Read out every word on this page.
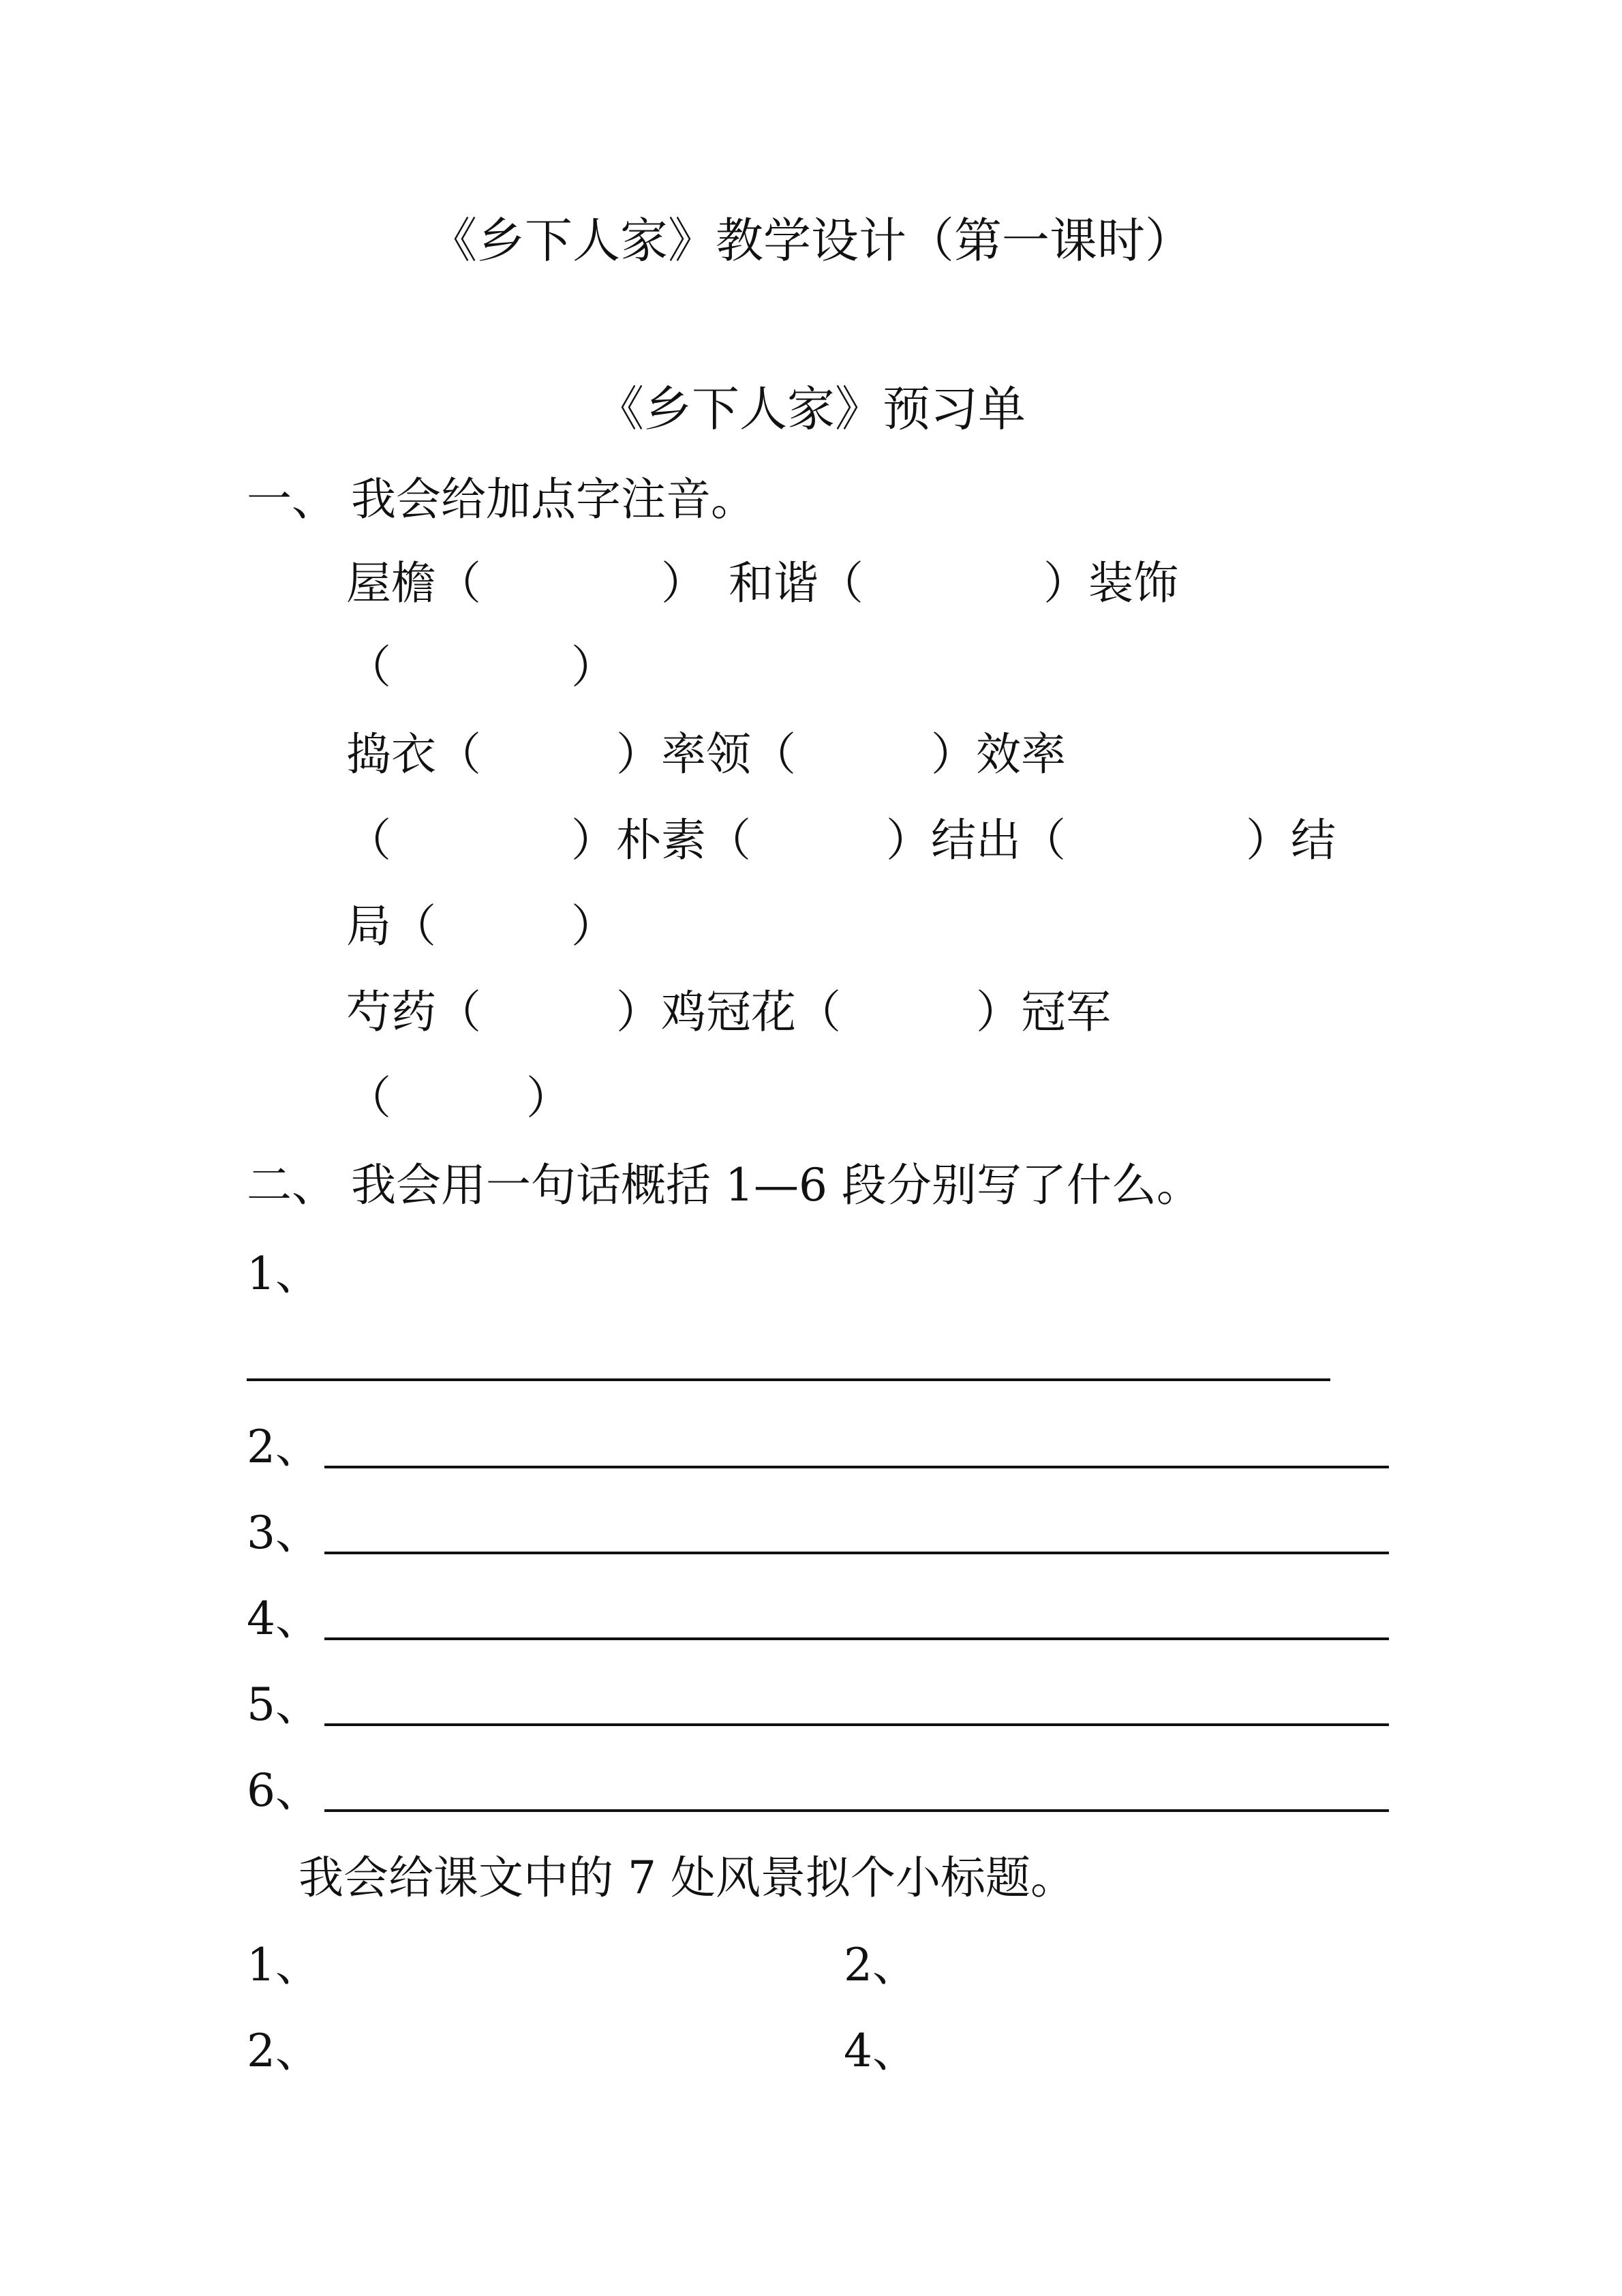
《乡下人家》教学设计（第一课时）
《乡下人家》预习单
一、 我会给加点字注音。
屋檐（　　　　）　和谐（　　　　）装饰
（　　　　）
捣衣（　　　）率领（　　　）效率
（　　　　）朴素（　　　）结出（　　　　）结
局（　　　）
芍药（　　　）鸡冠花（　　　）冠军
（　　　）
二、 我会用一句话概括 1—6 段分别写了什么。
1、
2、
3、
4、
5、
6、
我会给课文中的 7 处风景拟个小标题。
1、	2、
2、	4、
